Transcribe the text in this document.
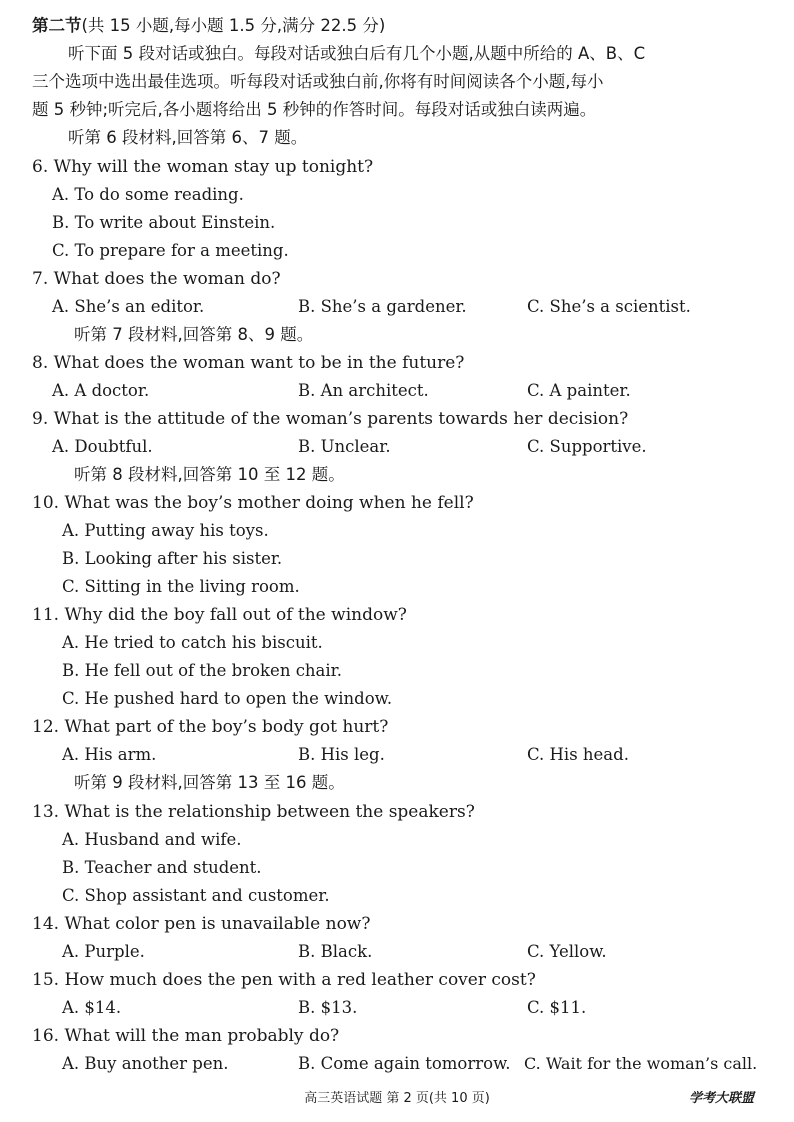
第二节(共 15 小题,每小题 1.5 分,满分 22.5 分)
听下面 5 段对话或独白。每段对话或独白后有几个小题,从题中所给的 A、B、C
三个选项中选出最佳选项。听每段对话或独白前,你将有时间阅读各个小题,每小
题 5 秒钟;听完后,各小题将给出 5 秒钟的作答时间。每段对话或独白读两遍。
听第 6 段材料,回答第 6、7 题。
6. Why will the woman stay up tonight?
A. To do some reading.
B. To write about Einstein.
C. To prepare for a meeting.
7. What does the woman do?
A. She’s an editor.	B. She’s a gardener.	C. She’s a scientist.
听第 7 段材料,回答第 8、9 题。
8. What does the woman want to be in the future?
A. A doctor.	B. An architect.	C. A painter.
9. What is the attitude of the woman’s parents towards her decision?
A. Doubtful.	B. Unclear.	C. Supportive.
听第 8 段材料,回答第 10 至 12 题。
10. What was the boy’s mother doing when he fell?
A. Putting away his toys.
B. Looking after his sister.
C. Sitting in the living room.
11. Why did the boy fall out of the window?
A. He tried to catch his biscuit.
B. He fell out of the broken chair.
C. He pushed hard to open the window.
12. What part of the boy’s body got hurt?
A. His arm.	B. His leg.	C. His head.
听第 9 段材料,回答第 13 至 16 题。
13. What is the relationship between the speakers?
A. Husband and wife.
B. Teacher and student.
C. Shop assistant and customer.
14. What color pen is unavailable now?
A. Purple.	B. Black.	C. Yellow.
15. How much does the pen with a red leather cover cost?
A. $14.	B. $13.	C. $11.
16. What will the man probably do?
A. Buy another pen.	B. Come again tomorrow. C. Wait for the woman’s call.
高三英语试题 第 2 页(共 10 页)	学考大联盟
